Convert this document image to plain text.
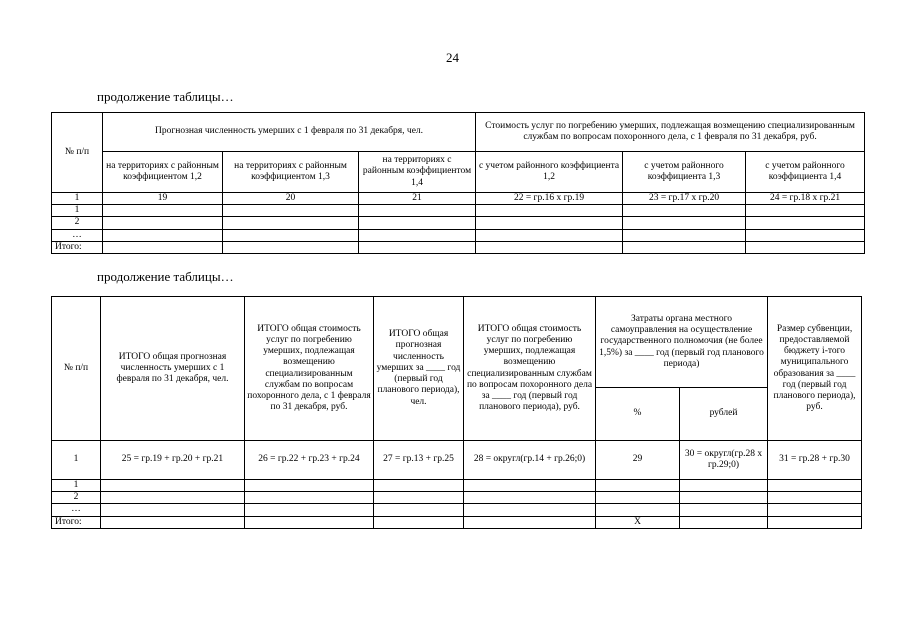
24
продолжение таблицы…
№ п/п	Прогнозная численность умерших с 1 февраля по 31 декабря, чел.			Стоимость услуг по погребению умерших, подлежащая возмещению специализированным службам по вопросам похоронного дела, с 1 февраля по 31 декабря, руб.		
	на территориях с районным коэффициентом 1,2	на территориях с районным коэффициентом 1,3	на территориях с районным коэффициентом 1,4	с учетом районного коэффициента 1,2	с учетом районного коэффициента 1,3	с учетом районного коэффициента 1,4
1	19	20	21	22 = гр.16 х гр.19	23 = гр.17 х гр.20	24 = гр.18 х гр.21
1						
2						
…						
Итого:						
продолжение таблицы…
№ п/п	ИТОГО общая прогнозная численность умерших с 1 февраля по 31 декабря, чел.	ИТОГО общая стоимость услуг по погребению умерших, подлежащая возмещению специализированным службам по вопросам похоронного дела, с 1 февраля по 31 декабря, руб.	ИТОГО общая прогнозная численность умерших за ____ год (первый год планового периода), чел.	ИТОГО общая стоимость услуг по погребению умерших, подлежащая возмещению специализированным службам по вопросам похоронного дела за ____ год (первый год планового периода), руб.	Затраты органа местного самоуправления на осуществление государственного полномочия (не более 1,5%) за ____ год (первый год планового периода)		Размер субвенции, предоставляемой бюджету i-того муниципального образования за ____ год (первый год планового периода), руб.
					%	рублей	
1	25 = гр.19 + гр.20 + гр.21	26 = гр.22 + гр.23 + гр.24	27 = гр.13 + гр.25	28 = округл(гр.14 + гр.26;0)	29	30 = округл(гр.28 х гр.29;0)	31 = гр.28 + гр.30
1							
2							
…							
Итого:					X		
